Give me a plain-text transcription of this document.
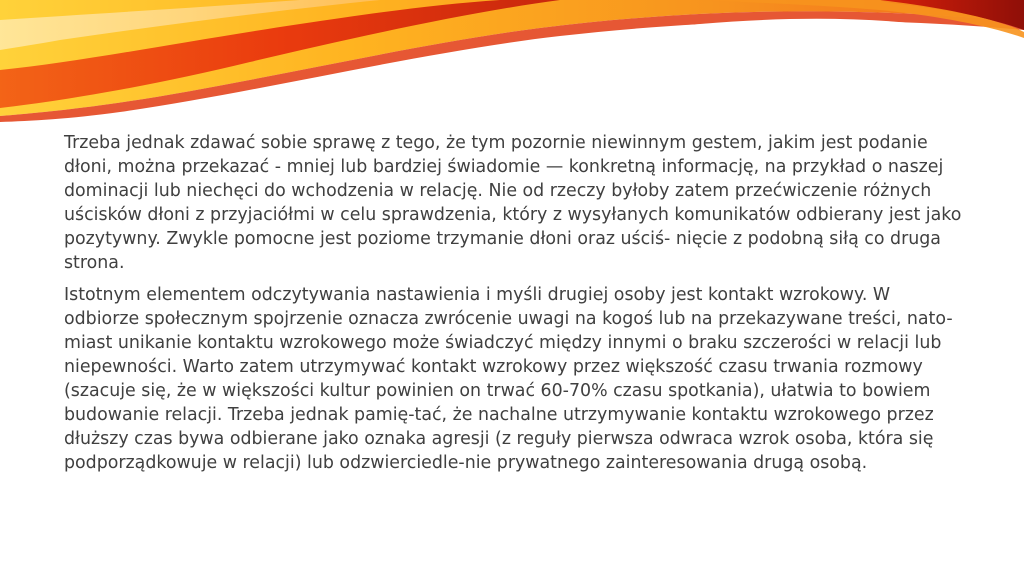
Trzeba jednak zdawać sobie sprawę z tego, że tym pozornie niewinnym gestem, jakim jest podanie dłoni, można przekazać - mniej lub bardziej świadomie — konkretną informację, na przykład o naszej dominacji lub niechęci do wchodzenia w relację. Nie od rzeczy byłoby zatem przećwiczenie różnych uścisków dłoni z przyjaciółmi w celu sprawdzenia, który z wysyłanych komunikatów odbierany jest jako pozytywny. Zwykle pomocne jest poziome trzymanie dłoni oraz uściś- nięcie z podobną siłą co druga strona.

Istotnym elementem odczytywania nastawienia i myśli drugiej osoby jest kontakt wzrokowy. W odbiorze społecznym spojrzenie oznacza zwrócenie uwagi na kogoś lub na przekazywane treści, nato-miast unikanie kontaktu wzrokowego może świadczyć między innymi o braku szczerości w relacji lub niepewności. Warto zatem utrzymywać kontakt wzrokowy przez większość czasu trwania rozmowy (szacuje się, że w większości kultur powinien on trwać 60-70% czasu spotkania), ułatwia to bowiem budowanie relacji. Trzeba jednak pamię-tać, że nachalne utrzymywanie kontaktu wzrokowego przez dłuższy czas bywa odbierane jako oznaka agresji (z reguły pierwsza odwraca wzrok osoba, która się podporządkowuje w relacji) lub odzwierciedle-nie prywatnego zainteresowania drugą osobą.
